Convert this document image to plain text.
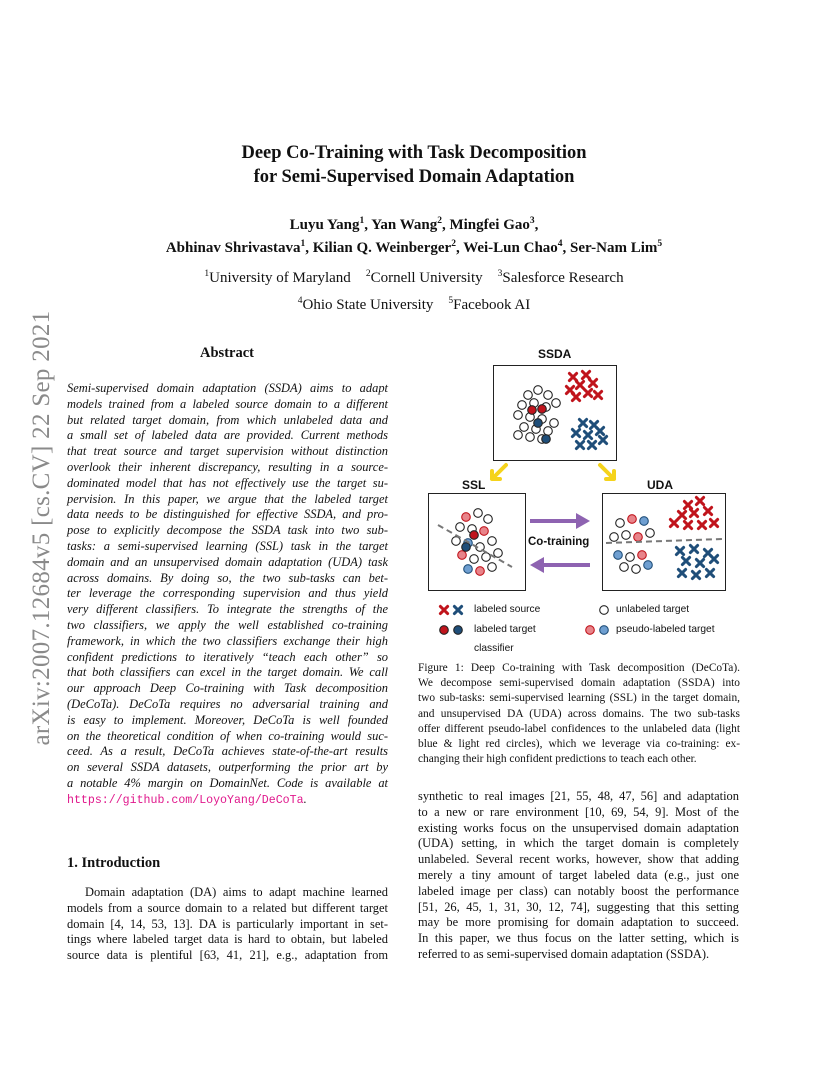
Deep Co-Training with Task Decomposition
for Semi-Supervised Domain Adaptation
Luyu Yang$^1$, Yan Wang$^2$, Mingfei Gao$^3$,
Abhinav Shrivastava$^1$, Kilian Q. Weinberger$^2$, Wei-Lun Chao$^4$, Ser-Nam Lim$^5$
$^1$University of Maryland $^2$Cornell University $^3$Salesforce Research
$^4$Ohio State University $^5$Facebook AI
arXiv:2007.12684v5 [cs.CV] 22 Sep 2021	Abstract
Semi-supervised domain adaptation (SSDA) aims to adapt
models trained from a labeled source domain to a different
but related target domain, from which unlabeled data and
a small set of labeled data are provided. Current methods
that treat source and target supervision without distinction
overlook their inherent discrepancy, resulting in a source-
dominated model that has not effectively use the target su-
pervision. In this paper, we argue that the labeled target
data needs to be distinguished for effective SSDA, and pro-
pose to explicitly decompose the SSDA task into two sub-
tasks: a semi-supervised learning (SSL) task in the target
domain and an unsupervised domain adaptation (UDA) task
across domains. By doing so, the two sub-tasks can bet-
ter leverage the corresponding supervision and thus yield
very different classifiers. To integrate the strengths of the
two classifiers, we apply the well established co-training
framework, in which the two classifiers exchange their high
confident predictions to iteratively “teach each other” so
that both classifiers can excel in the target domain. We call
our approach Deep Co-training with Task decomposition
(DeCoTa). DeCoTa requires no adversarial training and
is easy to implement. Moreover, DeCoTa is well founded
on the theoretical condition of when co-training would suc-
ceed. As a result, DeCoTa achieves state-of-the-art results
on several SSDA datasets, outperforming the prior art by
a notable 4% margin on DomainNet. Code is available at
https://github.com/LoyoYang/DeCoTa.
1. Introduction
Domain adaptation (DA) aims to adapt machine learned
models from a source domain to a related but different target
domain [4, 14, 53, 13]. DA is particularly important in set-
tings where labeled target data is hard to obtain, but labeled
source data is plentiful [63, 41, 21], e.g., adaptation from
SSDA
SSL	UDA
Co-training
labeled source
labeled target
classifier
unlabeled target
pseudo-labeled target
Figure 1: Deep Co-training with Task decomposition (DeCoTa).
We decompose semi-supervised domain adaptation (SSDA) into
two sub-tasks: semi-supervised learning (SSL) in the target domain,
and unsupervised DA (UDA) across domains. The two sub-tasks
offer different pseudo-label confidences to the unlabeled data (light
blue & light red circles), which we leverage via co-training: ex-
changing their high confident predictions to teach each other.
synthetic to real images [21, 55, 48, 47, 56] and adaptation
to a new or rare environment [10, 69, 54, 9]. Most of the
existing works focus on the unsupervised domain adaptation
(UDA) setting, in which the target domain is completely
unlabeled. Several recent works, however, show that adding
merely a tiny amount of target labeled data (e.g., just one
labeled image per class) can notably boost the performance
[51, 26, 45, 1, 31, 30, 12, 74], suggesting that this setting
may be more promising for domain adaptation to succeed.
In this paper, we thus focus on the latter setting, which is
referred to as semi-supervised domain adaptation (SSDA).
